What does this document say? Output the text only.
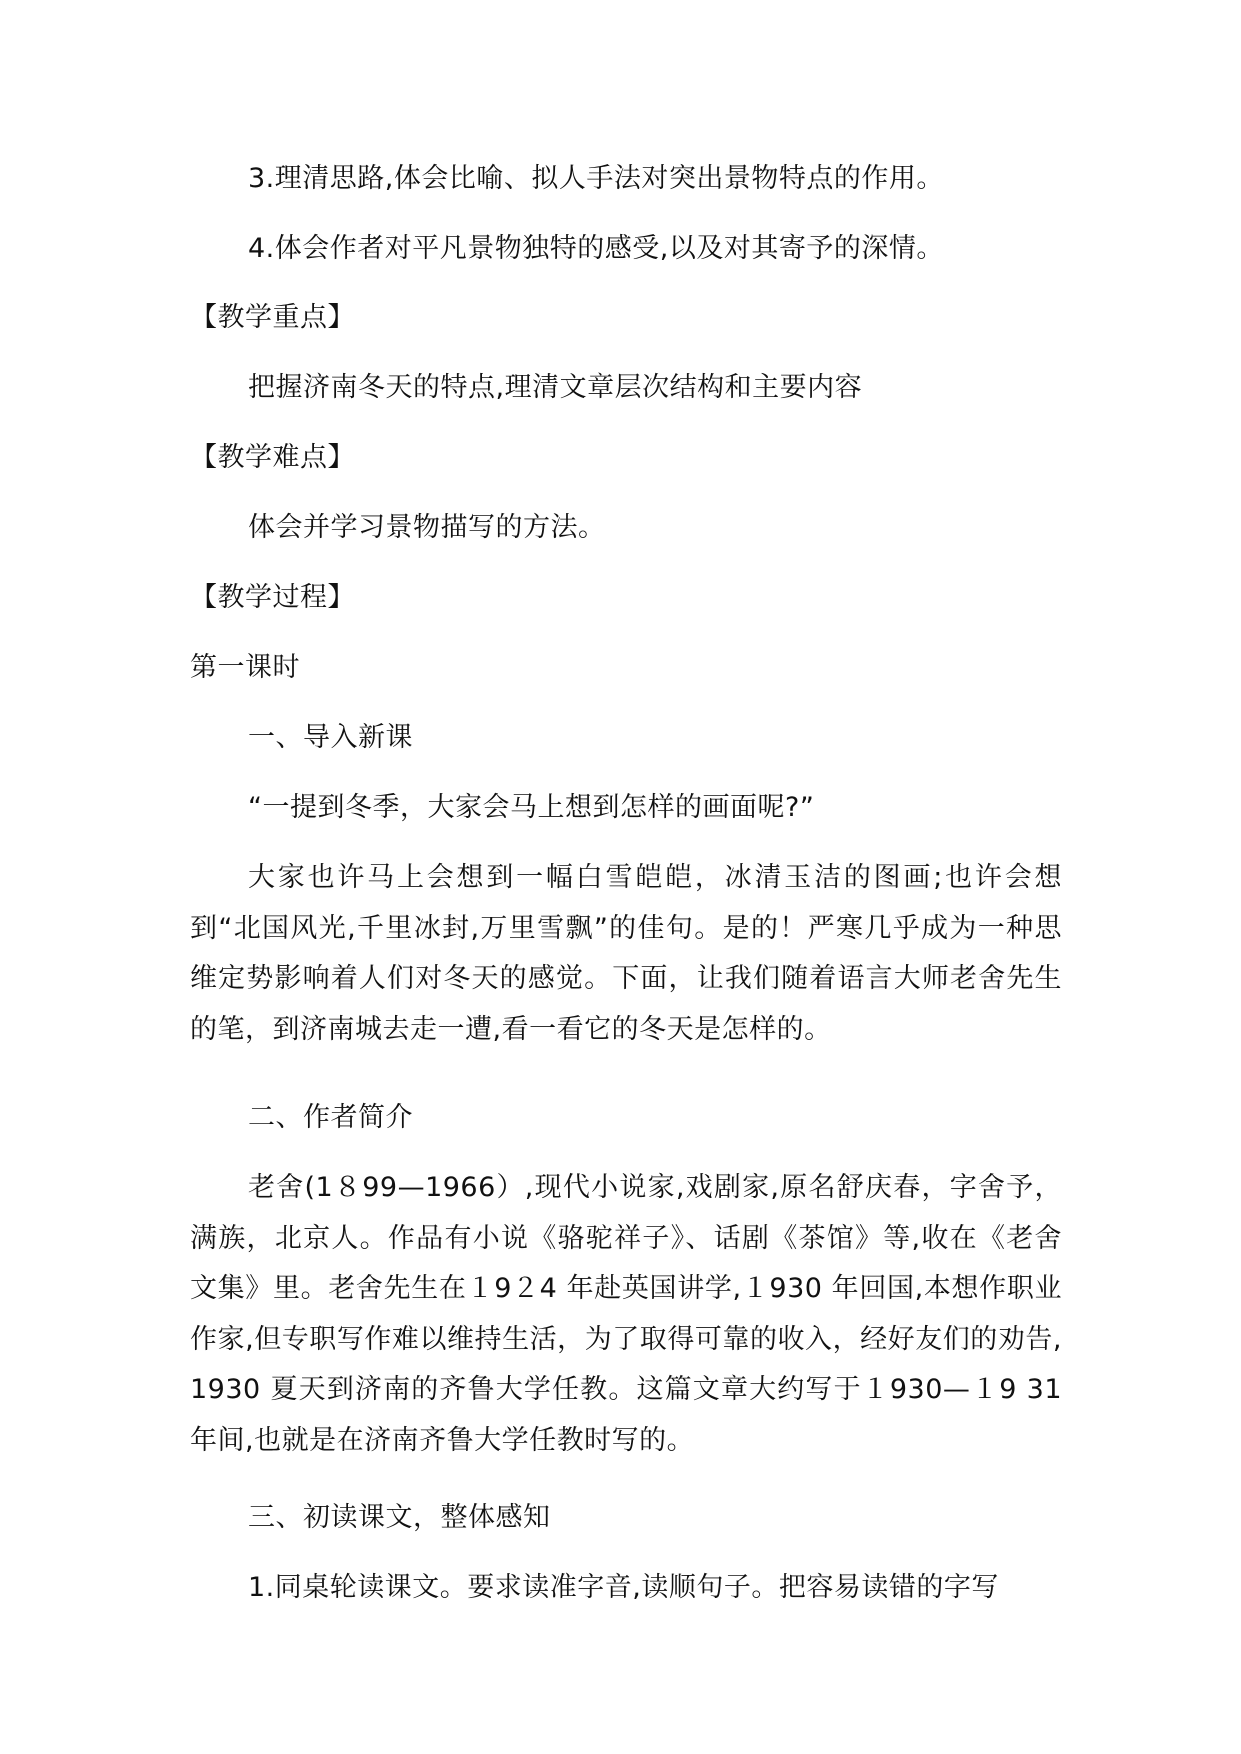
3.理清思路,体会比喻、拟人手法对突出景物特点的作用。
4.体会作者对平凡景物独特的感受,以及对其寄予的深情。
【教学重点】
把握济南冬天的特点,理清文章层次结构和主要内容
【教学难点】
体会并学习景物描写的方法。
【教学过程】
第一课时
一、导入新课
“一提到冬季，大家会马上想到怎样的画面呢?”
大家也许马上会想到一幅白雪皑皑，冰清玉洁的图画;也许会想到“北国风光,千里冰封,万里雪飘”的佳句。是的！严寒几乎成为一种思维定势影响着人们对冬天的感觉。下面，让我们随着语言大师老舍先生的笔，到济南城去走一遭,看一看它的冬天是怎样的。
二、作者简介
老舍(1８99—1966）,现代小说家,戏剧家,原名舒庆春，字舍予，满族，北京人。作品有小说《骆驼祥子》、话剧《茶馆》等,收在《老舍文集》里。老舍先生在１9２4 年赴英国讲学,１930 年回国,本想作职业作家,但专职写作难以维持生活，为了取得可靠的收入，经好友们的劝告,1930 夏天到济南的齐鲁大学任教。这篇文章大约写于１930—１9 31 年间,也就是在济南齐鲁大学任教时写的。
三、初读课文，整体感知
1.同桌轮读课文。要求读准字音,读顺句子。把容易读错的字写
